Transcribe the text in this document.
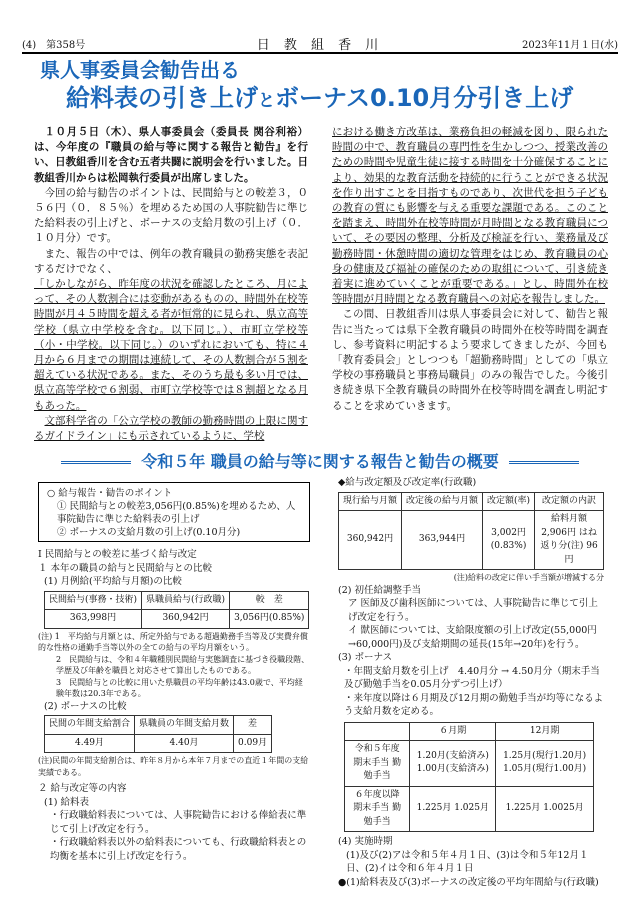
(4)　第358号	日 教 組 香 川	2023年11月１日(水)
県人事委員会勧告出る
給料表の引き上げとボーナス0.10月分引き上げ

１０月５日（木）、県人事委員会（委員長 関谷利裕）は、今年度の『職員の給与等に関する報告と勧告』を行い、日教組香川を含む五者共闘に説明会を行いました。日教組香川からは松岡執行委員が出席しました。

今回の給与勧告のポイントは、民間給与との較差３，０５６円（０．８５％）を埋めるため国の人事院勧告に準じた給料表の引上げと、ボーナスの支給月数の引上げ（０．１０月分）です。

また、報告の中では、例年の教育職員の勤務実態を表記するだけでなく、

「しかしながら、昨年度の状況を確認したところ、月によって、その人数割合には変動があるものの、時間外在校等時間が月４５時間を超える者が恒常的に見られ、県立高等学校（県立中学校を含む。以下同じ。）、市町立学校等（小・中学校。以下同じ。）のいずれにおいても、特に４月から６月までの期間は連続して、その人数割合が５割を超えている状況である。また、そのうち最も多い月では、県立高等学校で６割弱、市町立学校等では８割超となる月もあった。

文部科学省の「公立学校の教師の勤務時間の上限に関するガイドライン」にも示されているように、学校

における働き方改革は、業務負担の軽減を図り、限られた時間の中で、教育職員の専門性を生かしつつ、授業改善のための時間や児童生徒に接する時間を十分確保することにより、効果的な教育活動を持続的に行うことができる状況を作り出すことを目指すものであり、次世代を担う子どもの教育の質にも影響を与える重要な課題である。このことを踏まえ、時間外在校等時間が月時間となる教育職員について、その要因の整理、分析及び検証を行い、業務量及び勤務時間・休憩時間の適切な管理をはじめ、教育職員の心身の健康及び福祉の確保のための取組について、引き続き着実に進めていくことが重要である。」とし、時間外在校等時間が月時間となる教育職員への対応を報告しました。

この間、日教組香川は県人事委員会に対して、勧告と報告に当たっては県下全教育職員の時間外在校等時間を調査し、参考資料に明記するよう要求してきましたが、今回も「教育委員会」としつつも「超勤務時間」としての「県立学校の事務職員と事務局職員」のみの報告でした。今後引き続き県下全教育職員の時間外在校等時間を調査し明記することを求めていきます。

令和５年 職員の給与等に関する報告と勧告の概要
○ 給与報告・勧告のポイント
① 民間給与との較差3,056円(0.85%)を埋めるため、人事院勧告に準じた給料表の引上げ
② ボーナスの支給月数の引上げ(0.10月分)
Ⅰ 民間給与との較差に基づく給与改定
１ 本年の職員の給与と民間給与との比較
(1) 月例給(平均給与月額)の比較
民間給与(事務・技術)	県職員給与(行政職)	較　差
363,998円	360,942円	3,056円(0.85%)
(注) 1　平均給与月額とは、所定外給与である超過勤務手当等及び実費弁償的な性格の通勤手当等以外の全ての給与の平均月額をいう。
2　民間給与は、令和４年職種別民間給与実態調査に基づき役職段階、学歴及び年齢を職員と対応させて算出したものである。
3　民間給与との比較に用いた県職員の平均年齢は43.0歳で、平均経験年数は20.3年である。
(2) ボーナスの比較
民間の年間支給割合	県職員の年間支給月数	差
4.49月	4.40月	0.09月
(注)民間の年間支給割合は、昨年８月から本年７月までの直近１年間の支給実績である。
２ 給与改定等の内容
(1) 給料表
・行政職給料表については、人事院勧告における俸給表に準じて引上げ改定を行う。
・行政職給料表以外の給料表についても、行政職給料表との均衡を基本に引上げ改定を行う。
◆給与改定額及び改定率(行政職)
現行給与月額	改定後の給与月額	改定額(率)	改定額の内訳
360,942円	363,944円	3,002円(0.83%)	給料月額　2,906円 はね返り分(注) 96円
(注)給料の改定に伴い手当額が増減する分
(2) 初任給調整手当
ア 医師及び歯科医師については、人事院勧告に準じて引上げ改定を行う。
イ 獣医師については、支給限度額の引上げ改定(55,000円→60,000円)及び支給期間の延長(15年→20年)を行う。
(3) ボーナス
・年間支給月数を引上げ　4.40月分 → 4.50月分（期末手当及び勤勉手当を0.05月分ずつ引上げ）
・来年度以降は６月期及び12月期の勤勉手当が均等になるよう支給月数を定める。
	６月期	12月期
令和５年度 期末手当 勤勉手当	1.20月(支給済み) 1.00月(支給済み)	1.25月(現行1.20月) 1.05月(現行1.00月)
６年度以降 期末手当 勤勉手当	1.225月 1.025月	1.225月 1.0025月
(4) 実施時期
(1)及び(2)アは令和５年４月１日、(3)は令和５年12月１日、(2)イは令和６年４月１日
●(1)給料表及び(3)ボーナスの改定後の平均年間給与(行政職)
